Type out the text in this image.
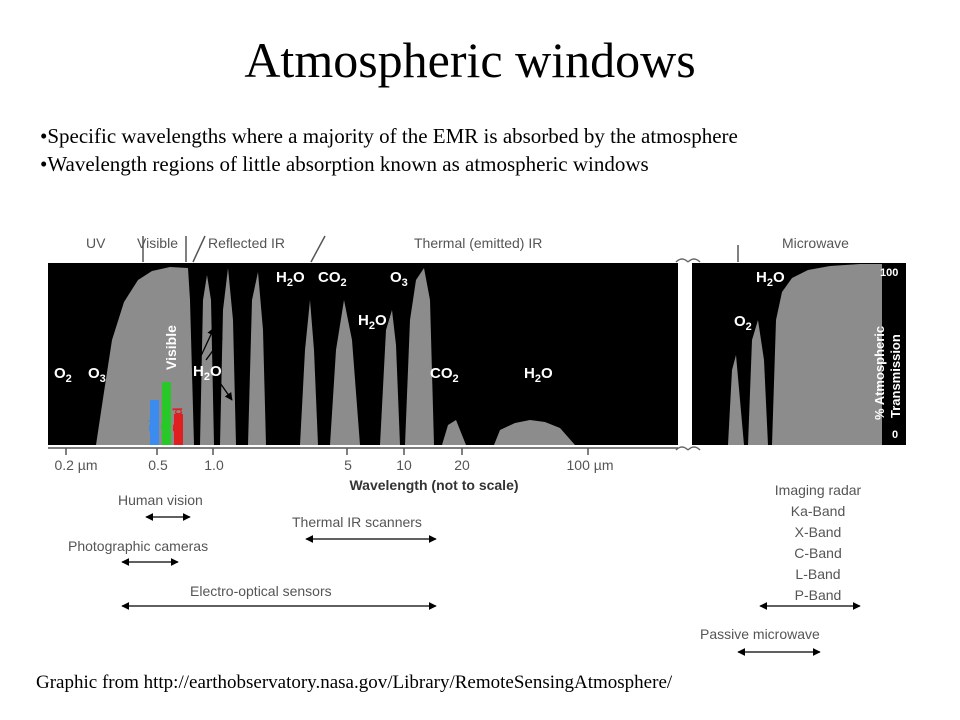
Atmospheric windows
• Specific wavelengths where a majority of the EMR is absorbed by the atmosphere
• Wavelength regions of little absorption known as atmospheric windows
UV Visible Reflected IR	Thermal (emitted) IR	Microwave
Blue
Green
Red
Visible
$O_2$ $O_3$	$H_2O$
$H_2O$ $CO_2$	$O_3$
$H_2O$
$CO_2$	$H_2O$
$O_2$
$H_2O$	100
0
% Atmospheric Transmission
0.2 µm	0.5	1.0	5	10	20	100 µm
Wavelength (not to scale)
Human vision
Photographic cameras
Electro-optical sensors
Thermal IR scanners
Passive microwave
Imaging radar
Ka-Band
X-Band
C-Band
L-Band
P-Band
Graphic from http://earthobservatory.nasa.gov/Library/RemoteSensingAtmosphere/
